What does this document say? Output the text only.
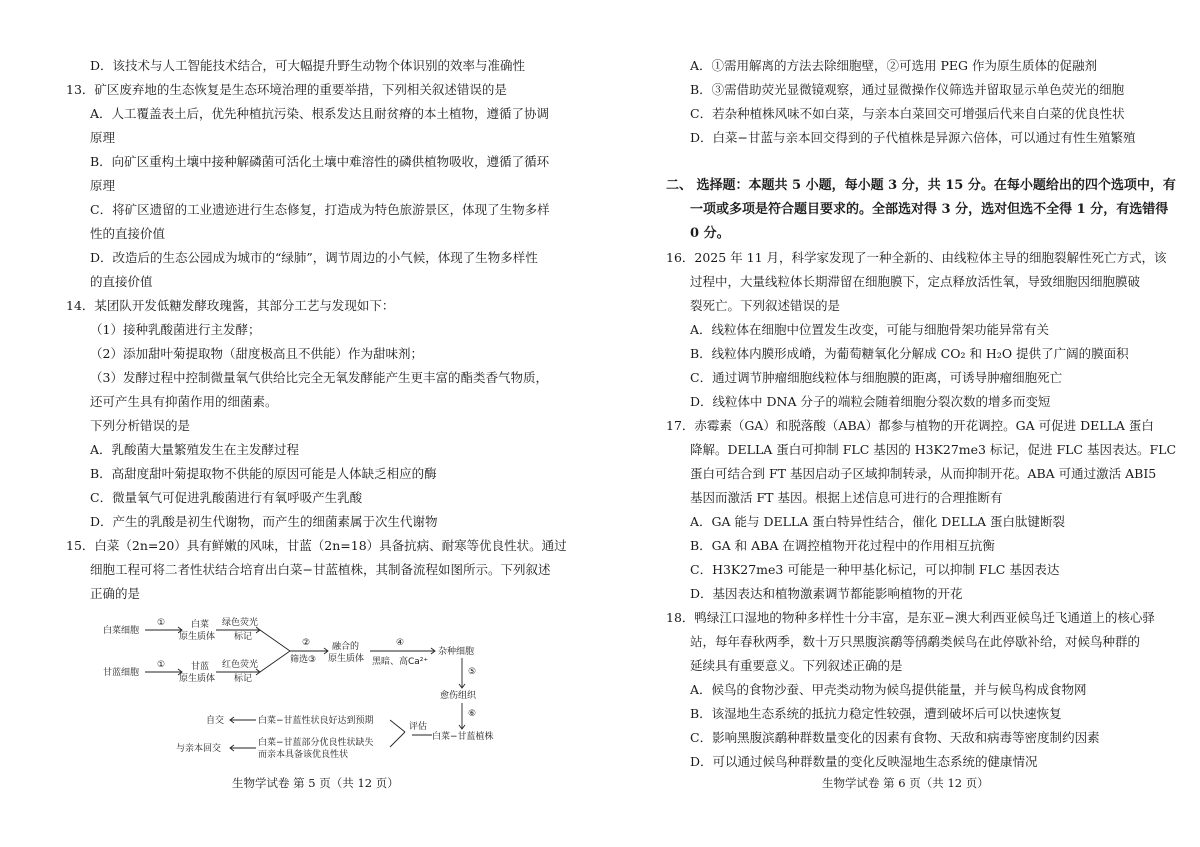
D．该技术与人工智能技术结合，可大幅提升野生动物个体识别的效率与准确性
13．矿区废弃地的生态恢复是生态环境治理的重要举措，下列相关叙述错误的是
A．人工覆盖表土后，优先种植抗污染、根系发达且耐贫瘠的本土植物，遵循了协调
原理
B．向矿区重构土壤中接种解磷菌可活化土壤中难溶性的磷供植物吸收，遵循了循环
原理
C．将矿区遗留的工业遗迹进行生态修复，打造成为特色旅游景区，体现了生物多样
性的直接价值
D．改造后的生态公园成为城市的“绿肺”，调节周边的小气候，体现了生物多样性
的直接价值
14．某团队开发低糖发酵玫瑰酱，其部分工艺与发现如下：
（1）接种乳酸菌进行主发酵；
（2）添加甜叶菊提取物（甜度极高且不供能）作为甜味剂；
（3）发酵过程中控制微量氧气供给比完全无氧发酵能产生更丰富的酯类香气物质，
还可产生具有抑菌作用的细菌素。
下列分析错误的是
A．乳酸菌大量繁殖发生在主发酵过程
B．高甜度甜叶菊提取物不供能的原因可能是人体缺乏相应的酶
C．微量氧气可促进乳酸菌进行有氧呼吸产生乳酸
D．产生的乳酸是初生代谢物，而产生的细菌素属于次生代谢物
15．白菜（2n=20）具有鲜嫩的风味，甘蓝（2n=18）具备抗病、耐寒等优良性状。通过
细胞工程可将二者性状结合培育出白菜−甘蓝植株，其制备流程如图所示。下列叙述
正确的是
生物学试卷 第 5 页（共 12 页）
A．①需用解离的方法去除细胞壁，②可选用 PEG 作为原生质体的促融剂
B．③需借助荧光显微镜观察，通过显微操作仪筛选并留取显示单色荧光的细胞
C．若杂种植株风味不如白菜，与亲本白菜回交可增强后代来自白菜的优良性状
D．白菜−甘蓝与亲本回交得到的子代植株是异源六倍体，可以通过有性生殖繁殖
二、 选择题：本题共 5 小题，每小题 3 分，共 15 分。在每小题给出的四个选项中，有
一项或多项是符合题目要求的。全部选对得 3 分，选对但选不全得 1 分，有选错得
0 分。
16．2025 年 11 月，科学家发现了一种全新的、由线粒体主导的细胞裂解性死亡方式，该
过程中，大量线粒体长期滞留在细胞膜下，定点释放活性氧，导致细胞因细胞膜破
裂死亡。下列叙述错误的是
A．线粒体在细胞中位置发生改变，可能与细胞骨架功能异常有关
B．线粒体内膜形成嵴，为葡萄糖氧化分解成 CO₂ 和 H₂O 提供了广阔的膜面积
C．通过调节肿瘤细胞线粒体与细胞膜的距离，可诱导肿瘤细胞死亡
D．线粒体中 DNA 分子的端粒会随着细胞分裂次数的增多而变短
17．赤霉素（GA）和脱落酸（ABA）都参与植物的开花调控。GA 可促进 DELLA 蛋白
降解。DELLA 蛋白可抑制 FLC 基因的 H3K27me3 标记，促进 FLC 基因表达。FLC
蛋白可结合到 FT 基因启动子区域抑制转录，从而抑制开花。ABA 可通过激活 ABI5
基因而激活 FT 基因。根据上述信息可进行的合理推断有
A．GA 能与 DELLA 蛋白特异性结合，催化 DELLA 蛋白肽键断裂
B．GA 和 ABA 在调控植物开花过程中的作用相互抗衡
C．H3K27me3 可能是一种甲基化标记，可以抑制 FLC 基因表达
D．基因表达和植物激素调节都能影响植物的开花
18．鸭绿江口湿地的物种多样性十分丰富，是东亚−澳大利西亚候鸟迁飞通道上的核心驿
站，每年春秋两季，数十万只黑腹滨鹬等鸻鹬类候鸟在此停歇补给，对候鸟种群的
延续具有重要意义。下列叙述正确的是
A．候鸟的食物沙蚕、甲壳类动物为候鸟提供能量，并与候鸟构成食物网
B．该湿地生态系统的抵抗力稳定性较强，遭到破坏后可以快速恢复
C．影响黑腹滨鹬种群数量变化的因素有食物、天敌和病毒等密度制约因素
D．可以通过候鸟种群数量的变化反映湿地生态系统的健康情况
生物学试卷 第 6 页（共 12 页）
白菜细胞
①	白菜
原生质体
绿色荧光
标记
甘蓝细胞
①	甘蓝
原生质体
红色荧光
标记
②
筛选③
融合的
原生质体
④
黑暗、高Ca²⁺
杂种细胞
⑤
愈伤组织
⑥
白菜−甘蓝植株
评估
白菜−甘蓝性状良好达到预期
自交
白菜−甘蓝部分优良性状缺失
而亲本具备该优良性状
与亲本回交
